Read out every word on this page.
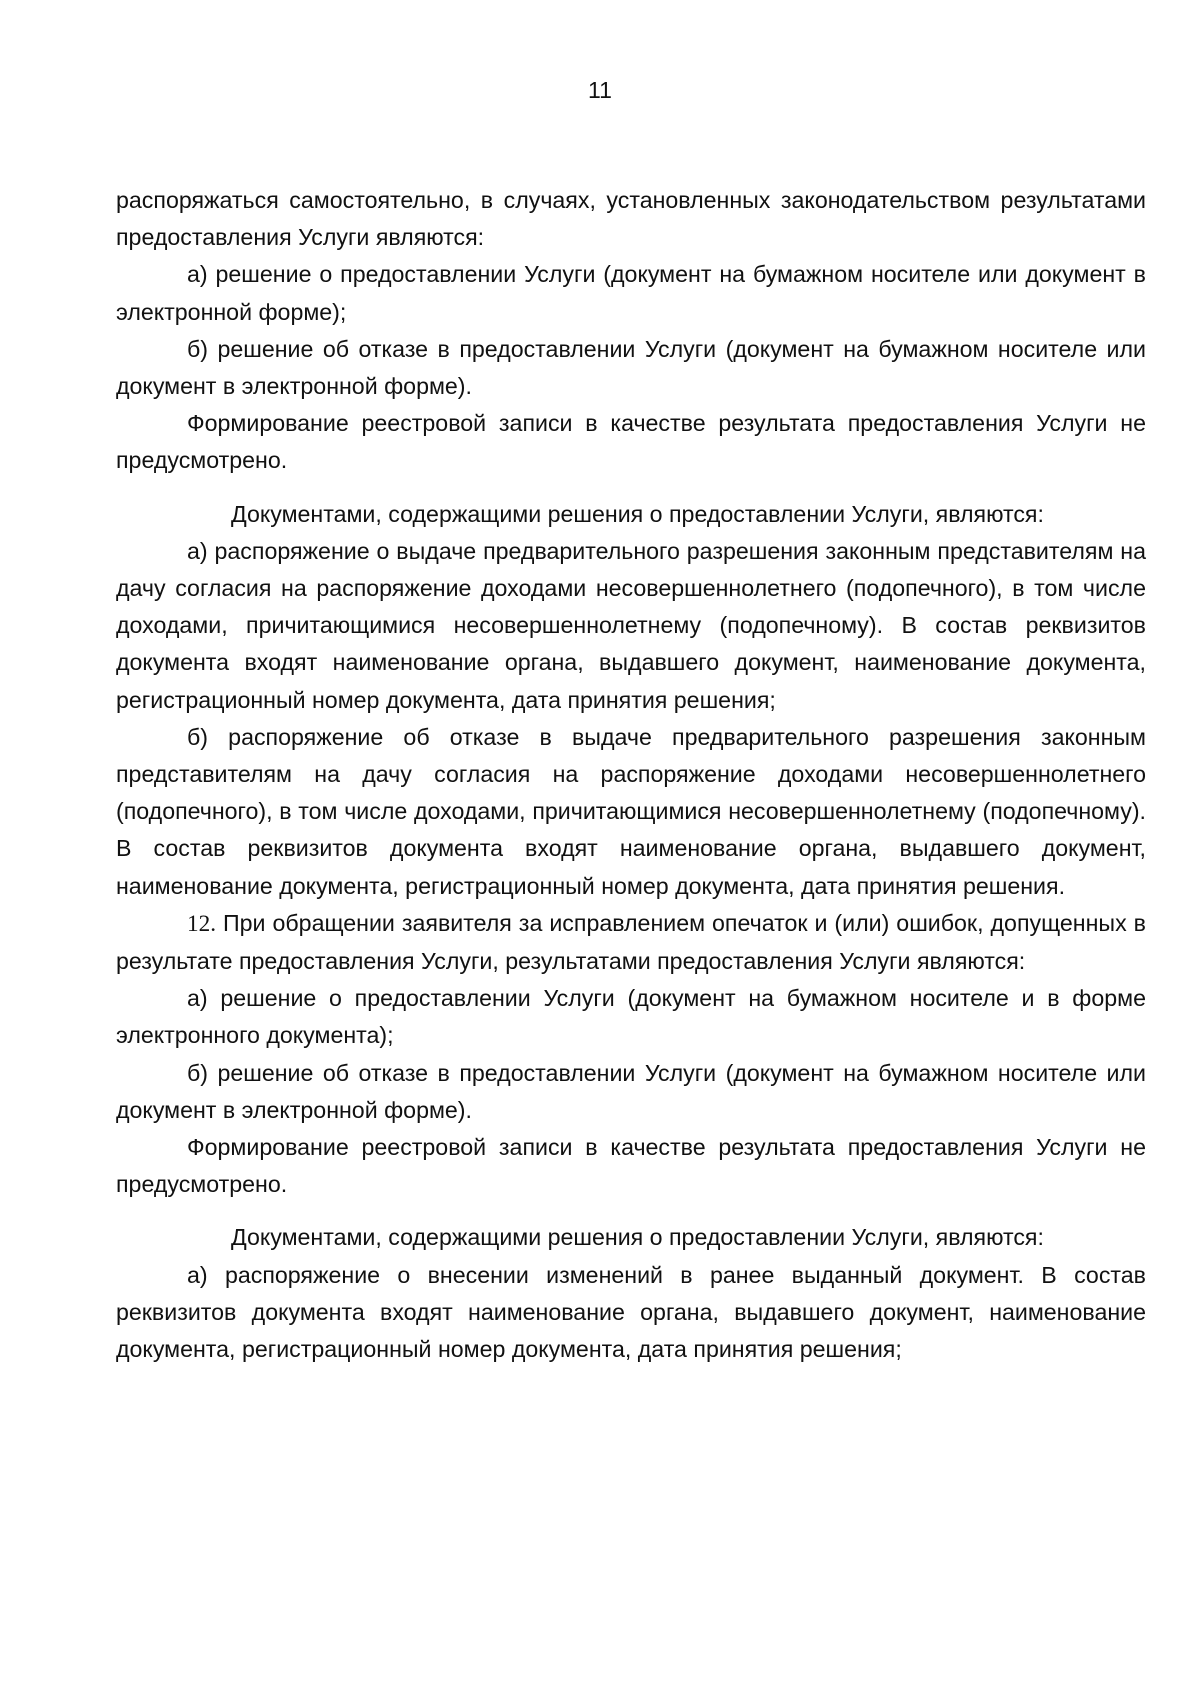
11

распоряжаться самостоятельно, в случаях, установленных законодательством результатами предоставления Услуги являются:

а) решение о предоставлении Услуги (документ на бумажном носителе или документ в электронной форме);

б) решение об отказе в предоставлении Услуги (документ на бумажном носителе или документ в электронной форме).

Формирование реестровой записи в качестве результата предоставления Услуги не предусмотрено.

Документами, содержащими решения о предоставлении Услуги, являются:

а) распоряжение о выдаче предварительного разрешения законным представителям на дачу согласия на распоряжение доходами несовершеннолетнего (подопечного), в том числе доходами, причитающимися несовершеннолетнему (подопечному). В состав реквизитов документа входят наименование органа, выдавшего документ, наименование документа, регистрационный номер документа, дата принятия решения;

б) распоряжение об отказе в выдаче предварительного разрешения законным представителям на дачу согласия на распоряжение доходами несовершеннолетнего (подопечного), в том числе доходами, причитающимися несовершеннолетнему (подопечному). В состав реквизитов документа входят наименование органа, выдавшего документ, наименование документа, регистрационный номер документа, дата принятия решения.

12. При обращении заявителя за исправлением опечаток и (или) ошибок, допущенных в результате предоставления Услуги, результатами предоставления Услуги являются:

а) решение о предоставлении Услуги (документ на бумажном носителе и в форме электронного документа);

б) решение об отказе в предоставлении Услуги (документ на бумажном носителе или документ в электронной форме).

Формирование реестровой записи в качестве результата предоставления Услуги не предусмотрено.

Документами, содержащими решения о предоставлении Услуги, являются:

а) распоряжение о внесении изменений в ранее выданный документ. В состав реквизитов документа входят наименование органа, выдавшего документ, наименование документа, регистрационный номер документа, дата принятия решения;
